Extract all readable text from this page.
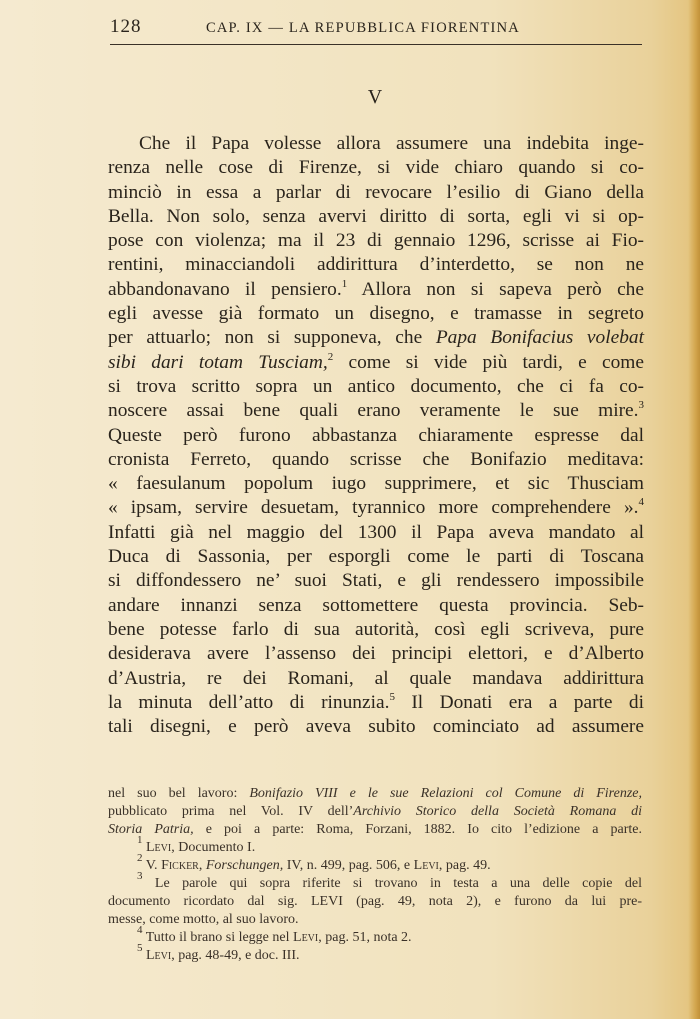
128	CAP. IX — LA REPUBBLICA FIORENTINA
V
Che il Papa volesse allora assumere una indebita inge-
renza nelle cose di Firenze, si vide chiaro quando si co-
minciò in essa a parlar di revocare l’esilio di Giano della
Bella. Non solo, senza avervi diritto di sorta, egli vi si op-
pose con violenza; ma il 23 di gennaio 1296, scrisse ai Fio-
rentini, minacciandoli addirittura d’interdetto, se non ne
abbandonavano il pensiero.$^1$ Allora non si sapeva però che
egli avesse già formato un disegno, e tramasse in segreto
per attuarlo; non si supponeva, che Papa Bonifacius volebat
sibi dari totam Tusciam,$^2$ come si vide più tardi, e come
si trova scritto sopra un antico documento, che ci fa co-
noscere assai bene quali erano veramente le sue mire.$^3$
Queste però furono abbastanza chiaramente espresse dal
cronista Ferreto, quando scrisse che Bonifazio meditava:
« faesulanum popolum iugo supprimere, et sic Thusciam
« ipsam, servire desuetam, tyrannico more comprehendere ».$^4$
Infatti già nel maggio del 1300 il Papa aveva mandato al
Duca di Sassonia, per esporgli come le parti di Toscana
si diffondessero ne’ suoi Stati, e gli rendessero impossibile
andare innanzi senza sottomettere questa provincia. Seb-
bene potesse farlo di sua autorità, così egli scriveva, pure
desiderava avere l’assenso dei principi elettori, e d’Alberto
d’Austria, re dei Romani, al quale mandava addirittura
la minuta dell’atto di rinunzia.$^5$ Il Donati era a parte di
tali disegni, e però aveva subito cominciato ad assumere
nel suo bel lavoro: Bonifazio VIII e le sue Relazioni col Comune di Firenze,
pubblicato prima nel Vol. IV dell’Archivio Storico della Società Romana di
Storia Patria, e poi a parte: Roma, Forzani, 1882. Io cito l’edizione a parte.
$^1$ Levi, Documento I.
$^2$ V. Ficker, Forschungen, IV, n. 499, pag. 506, e Levi, pag. 49.
$^3$ Le parole qui sopra riferite si trovano in testa a una delle copie del
documento ricordato dal sig. LEVI (pag. 49, nota 2), e furono da lui pre-
messe, come motto, al suo lavoro.
$^4$ Tutto il brano si legge nel Levi, pag. 51, nota 2.
$^5$ Levi, pag. 48-49, e doc. III.
